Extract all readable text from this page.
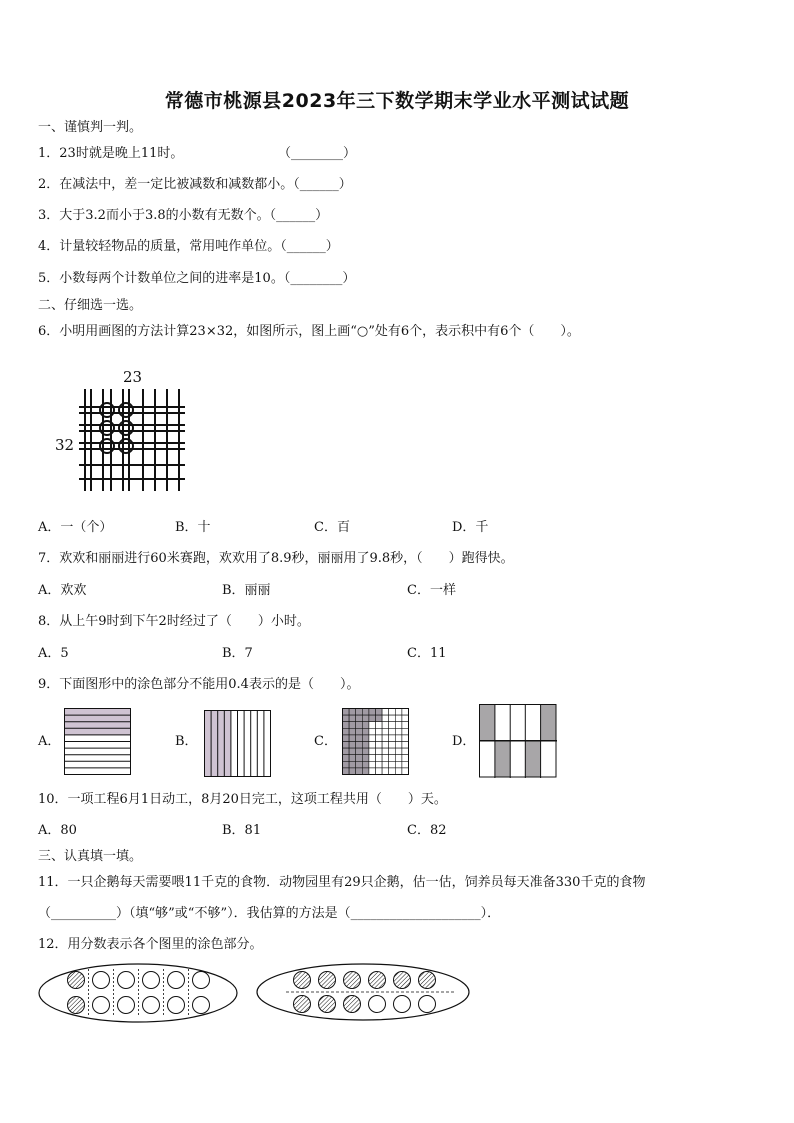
常德市桃源县2023年三下数学期末学业水平测试试题
一、谨慎判一判。
1．23时就是晚上11时。	（________）
2．在减法中，差一定比被减数和减数都小。（______）
3．大于3.2而小于3.8的小数有无数个。（______）
4．计量较轻物品的质量，常用吨作单位。（______）
5．小数每两个计数单位之间的进率是10。（________）
二、仔细选一选。
6．小明用画图的方法计算23×32，如图所示，图上画“○”处有6个，表示积中有6个（　　）。
23
32
A．一（个）	B．十	C．百	D．千
7．欢欢和丽丽进行60米赛跑，欢欢用了8.9秒，丽丽用了9.8秒，（　　）跑得快。
A．欢欢	B．丽丽	C．一样
8．从上午9时到下午2时经过了（　　）小时。
A．5	B．7	C．11
9．下面图形中的涂色部分不能用0.4表示的是（　　）。
A．	B．	C．	D．
10．一项工程6月1日动工，8月20日完工，这项工程共用（　　）天。
A．80	B．81	C．82
三、认真填一填。
11．一只企鹅每天需要喂11千克的食物．动物园里有29只企鹅，估一估，饲养员每天准备330千克的食物
（__________）（填“够”或“不够”）．我估算的方法是（____________________）．
12．用分数表示各个图里的涂色部分。
